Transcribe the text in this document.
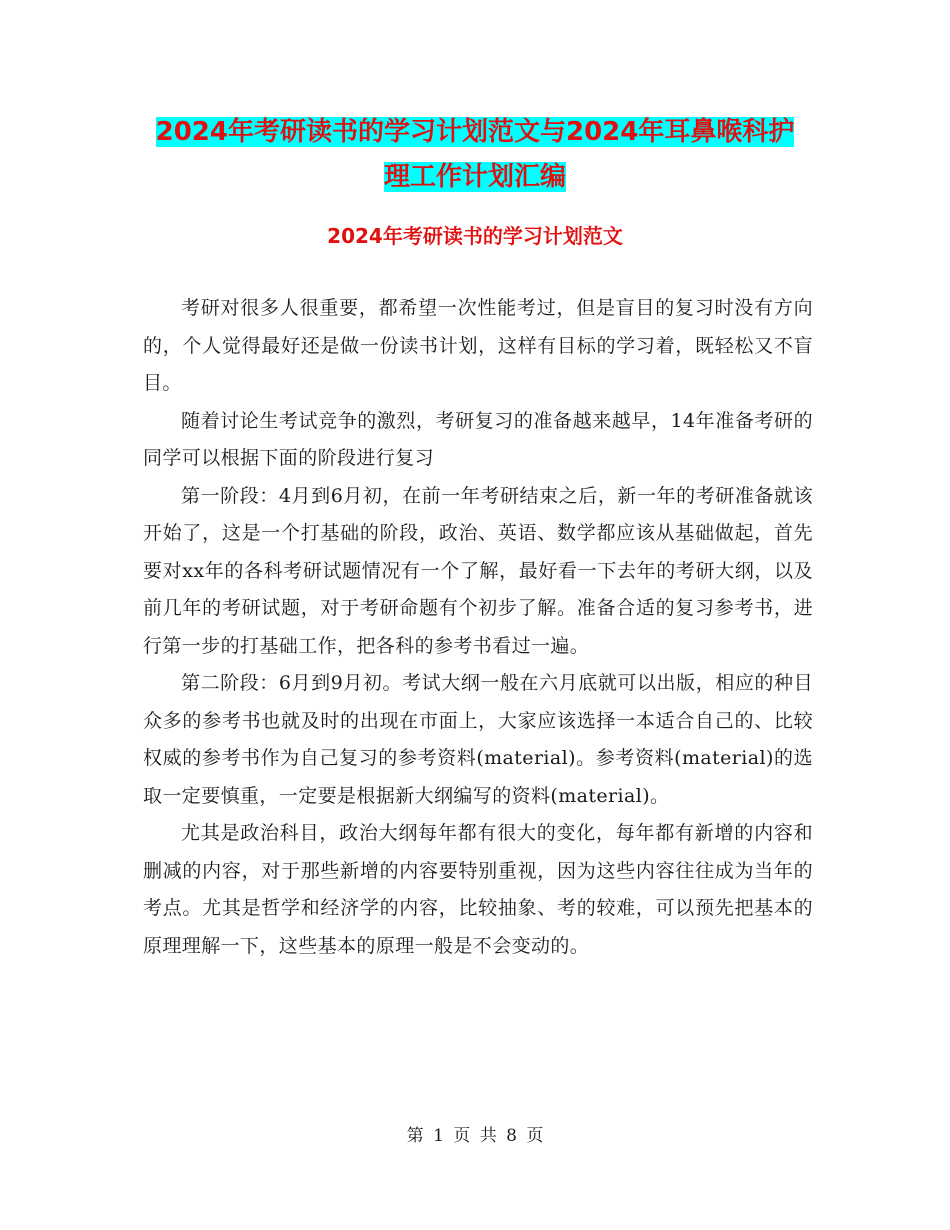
2024年考研读书的学习计划范文与2024年耳鼻喉科护
理工作计划汇编
2024年考研读书的学习计划范文

考研对很多人很重要，都希望一次性能考过，但是盲目的复习时没有方向的，个人觉得最好还是做一份读书计划，这样有目标的学习着，既轻松又不盲目。

随着讨论生考试竞争的激烈，考研复习的准备越来越早，14年准备考研的同学可以根据下面的阶段进行复习

第一阶段：4月到6月初，在前一年考研结束之后，新一年的考研准备就该开始了，这是一个打基础的阶段，政治、英语、数学都应该从基础做起，首先要对xx年的各科考研试题情况有一个了解，最好看一下去年的考研大纲，以及前几年的考研试题，对于考研命题有个初步了解。准备合适的复习参考书，进行第一步的打基础工作，把各科的参考书看过一遍。

第二阶段：6月到9月初。考试大纲一般在六月底就可以出版，相应的种目众多的参考书也就及时的出现在市面上，大家应该选择一本适合自己的、比较权威的参考书作为自己复习的参考资料(material)。参考资料(material)的选取一定要慎重，一定要是根据新大纲编写的资料(material)。

尤其是政治科目，政治大纲每年都有很大的变化，每年都有新增的内容和删减的内容，对于那些新增的内容要特别重视，因为这些内容往往成为当年的考点。尤其是哲学和经济学的内容，比较抽象、考的较难，可以预先把基本的原理理解一下，这些基本的原理一般是不会变动的。

第 1 页 共 8 页
